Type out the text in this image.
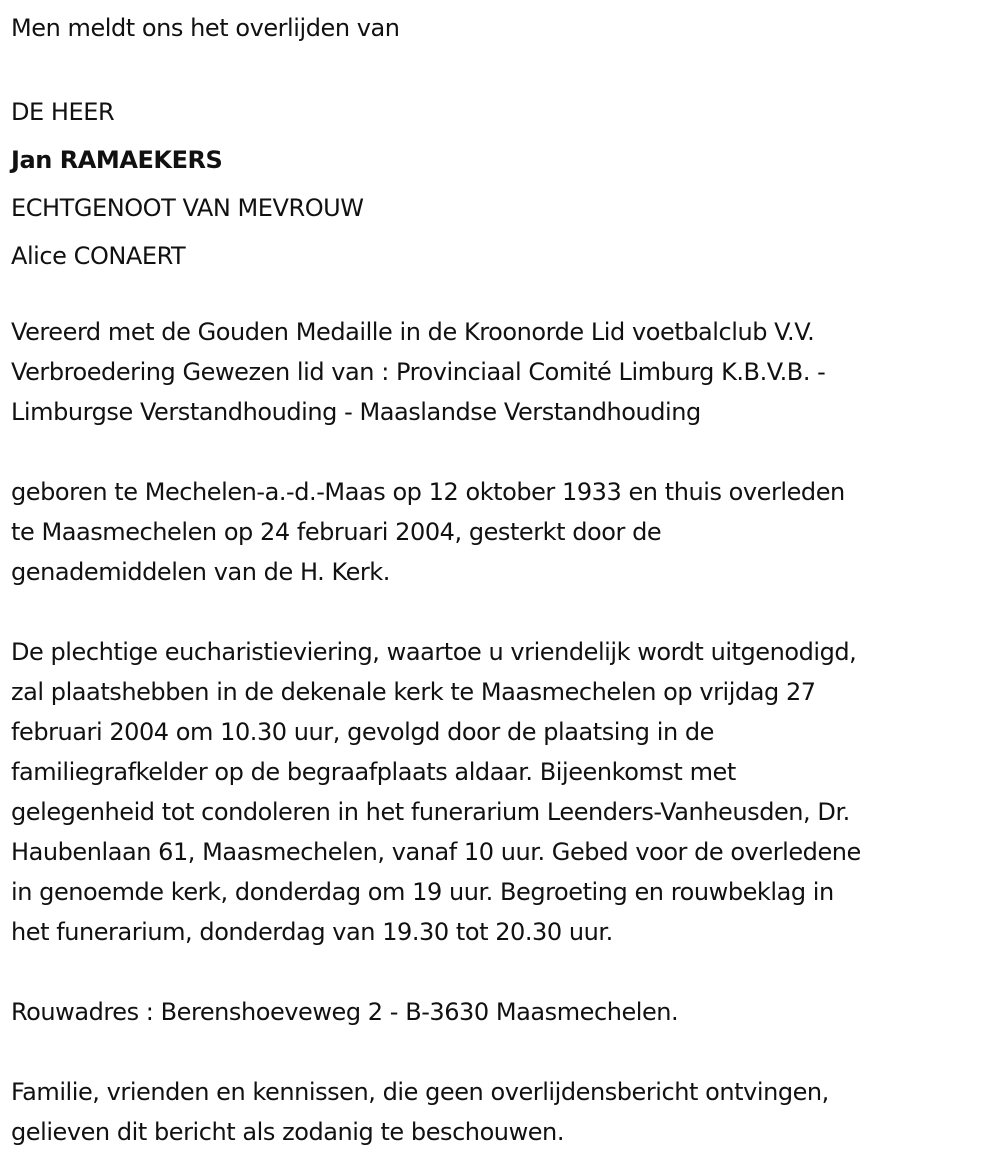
Men meldt ons het overlijden van

DE HEER

Jan RAMAEKERS

ECHTGENOOT VAN MEVROUW

Alice CONAERT

Vereerd met de Gouden Medaille in de Kroonorde Lid voetbalclub V.V.

Verbroedering Gewezen lid van : Provinciaal Comité Limburg K.B.V.B. -

Limburgse Verstandhouding - Maaslandse Verstandhouding

geboren te Mechelen-a.-d.-Maas op 12 oktober 1933 en thuis overleden

te Maasmechelen op 24 februari 2004, gesterkt door de

genademiddelen van de H. Kerk.

De plechtige eucharistieviering, waartoe u vriendelijk wordt uitgenodigd,

zal plaatshebben in de dekenale kerk te Maasmechelen op vrijdag 27

februari 2004 om 10.30 uur, gevolgd door de plaatsing in de

familiegrafkelder op de begraafplaats aldaar. Bijeenkomst met

gelegenheid tot condoleren in het funerarium Leenders-Vanheusden, Dr.

Haubenlaan 61, Maasmechelen, vanaf 10 uur. Gebed voor de overledene

in genoemde kerk, donderdag om 19 uur. Begroeting en rouwbeklag in

het funerarium, donderdag van 19.30 tot 20.30 uur.

Rouwadres : Berenshoeveweg 2 - B-3630 Maasmechelen.

Familie, vrienden en kennissen, die geen overlijdensbericht ontvingen,

gelieven dit bericht als zodanig te beschouwen.
